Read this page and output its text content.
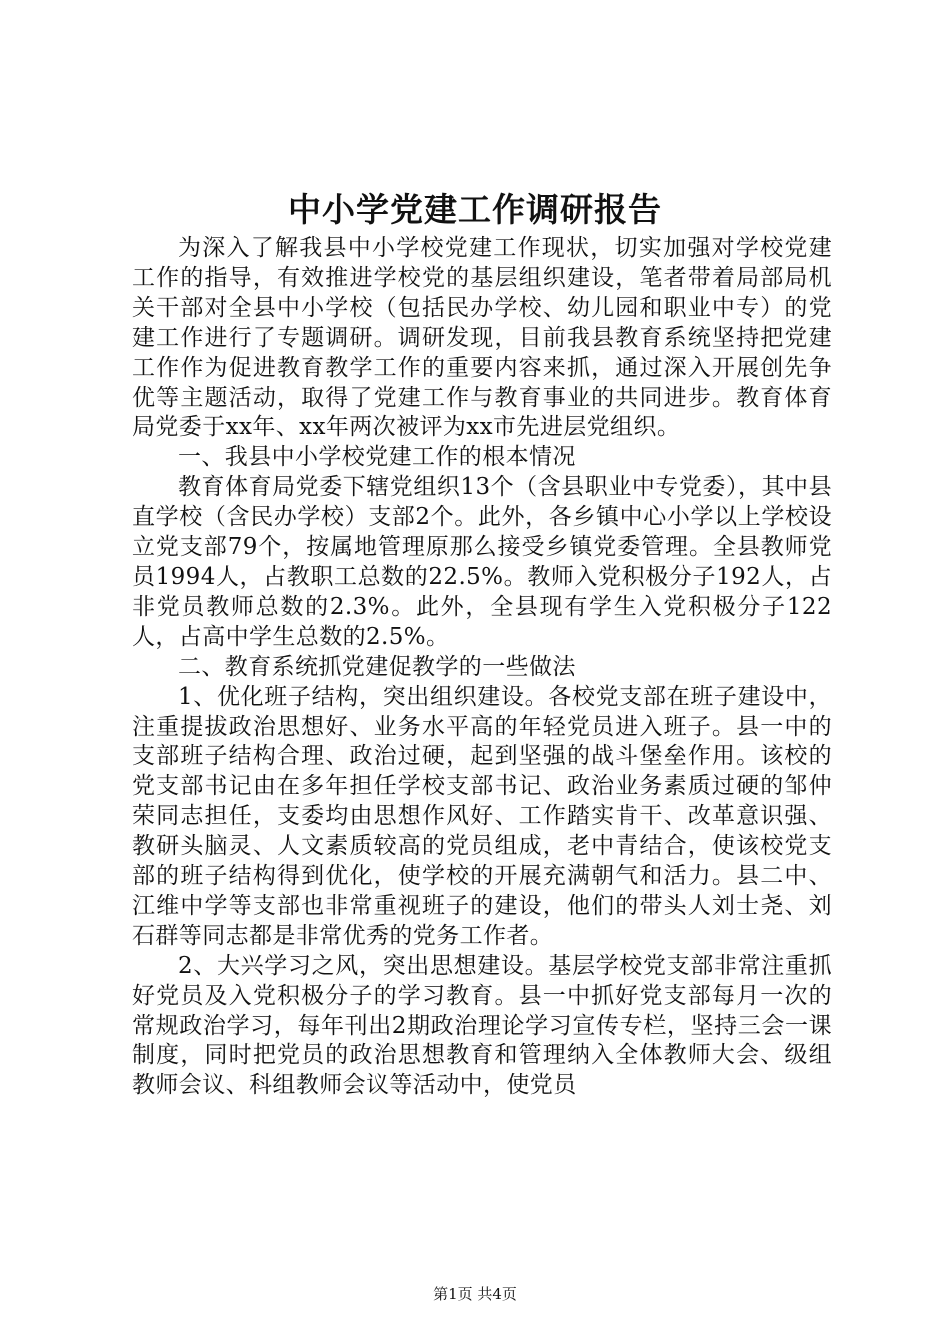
中小学党建工作调研报告

为深入了解我县中小学校党建工作现状，切实加强对学校党建工作的指导，有效推进学校党的基层组织建设，笔者带着局部局机关干部对全县中小学校（包括民办学校、幼儿园和职业中专）的党建工作进行了专题调研。调研发现，目前我县教育系统坚持把党建工作作为促进教育教学工作的重要内容来抓，通过深入开展创先争优等主题活动，取得了党建工作与教育事业的共同进步。教育体育局党委于xx年、xx年两次被评为xx市先进层党组织。

一、我县中小学校党建工作的根本情况

教育体育局党委下辖党组织13个（含县职业中专党委），其中县直学校（含民办学校）支部2个。此外，各乡镇中心小学以上学校设立党支部79个，按属地管理原那么接受乡镇党委管理。全县教师党员1994人，占教职工总数的22.5%。教师入党积极分子192人，占非党员教师总数的2.3%。此外，全县现有学生入党积极分子122人，占高中学生总数的2.5%。

二、教育系统抓党建促教学的一些做法

1、优化班子结构，突出组织建设。各校党支部在班子建设中，注重提拔政治思想好、业务水平高的年轻党员进入班子。县一中的支部班子结构合理、政治过硬，起到坚强的战斗堡垒作用。该校的党支部书记由在多年担任学校支部书记、政治业务素质过硬的邹仲荣同志担任，支委均由思想作风好、工作踏实肯干、改革意识强、教研头脑灵、人文素质较高的党员组成，老中青结合，使该校党支部的班子结构得到优化，使学校的开展充满朝气和活力。县二中、江维中学等支部也非常重视班子的建设，他们的带头人刘士尧、刘石群等同志都是非常优秀的党务工作者。

2、大兴学习之风，突出思想建设。基层学校党支部非常注重抓好党员及入党积极分子的学习教育。县一中抓好党支部每月一次的常规政治学习，每年刊出2期政治理论学习宣传专栏，坚持三会一课制度，同时把党员的政治思想教育和管理纳入全体教师大会、级组教师会议、科组教师会议等活动中，使党员

第1页 共4页
